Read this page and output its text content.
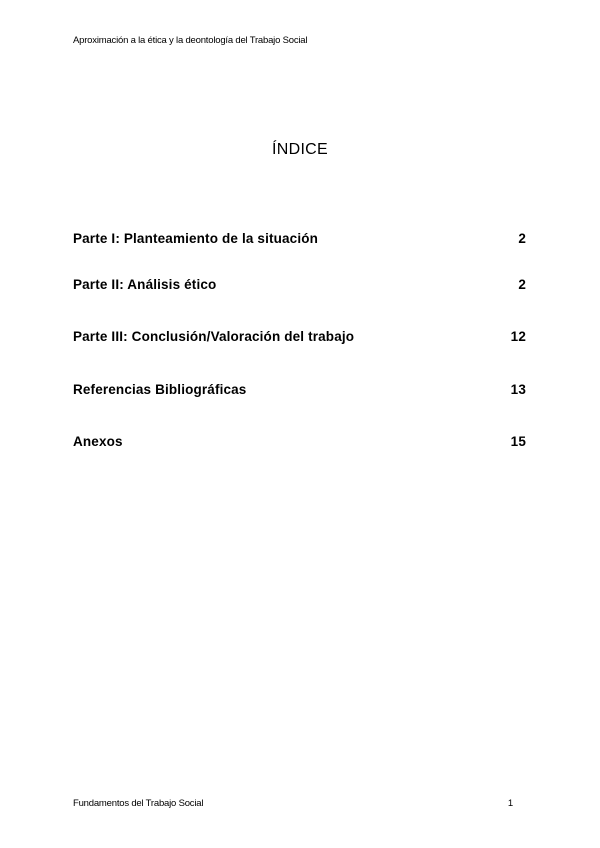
Aproximación a la ética y la deontología del Trabajo Social
ÍNDICE
Parte I: Planteamiento de la situación	2
Parte II: Análisis ético	2
Parte III: Conclusión/Valoración del trabajo	12
Referencias Bibliográficas	13
Anexos	15
Fundamentos del Trabajo Social	1
